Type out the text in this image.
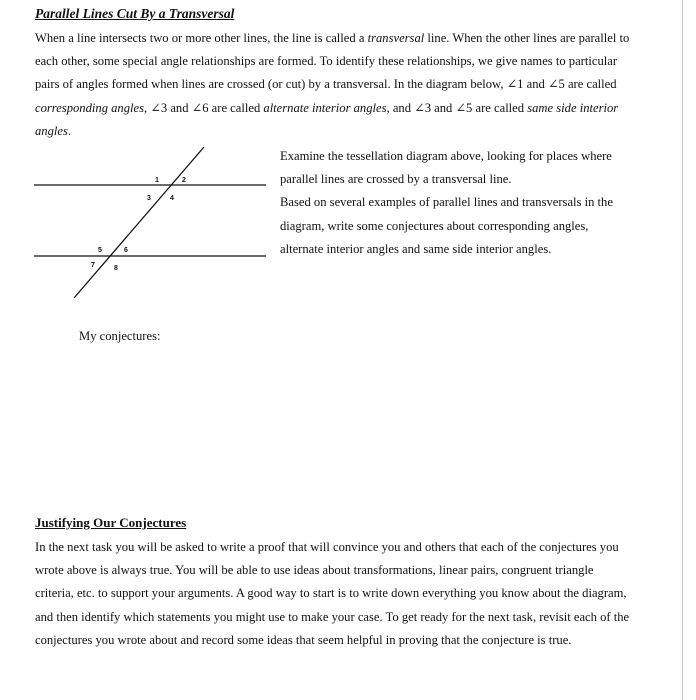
Parallel Lines Cut By a Transversal
When a line intersects two or more other lines, the line is called a transversal line. When the other lines are parallel to each other, some special angle relationships are formed. To identify these relationships, we give names to particular pairs of angles formed when lines are crossed (or cut) by a transversal. In the diagram below, ∠1 and ∠5 are called corresponding angles, ∠3 and ∠6 are called alternate interior angles, and ∠3 and ∠5 are called same side interior angles.
1	2
3	4
5	6
7	8

Examine the tessellation diagram above, looking for places where parallel lines are crossed by a transversal line.

Based on several examples of parallel lines and transversals in the diagram, write some conjectures about corresponding angles, alternate interior angles and same side interior angles.

My conjectures:
Justifying Our Conjectures
In the next task you will be asked to write a proof that will convince you and others that each of the conjectures you wrote above is always true. You will be able to use ideas about transformations, linear pairs, congruent triangle criteria, etc. to support your arguments. A good way to start is to write down everything you know about the diagram, and then identify which statements you might use to make your case. To get ready for the next task, revisit each of the conjectures you wrote about and record some ideas that seem helpful in proving that the conjecture is true.
